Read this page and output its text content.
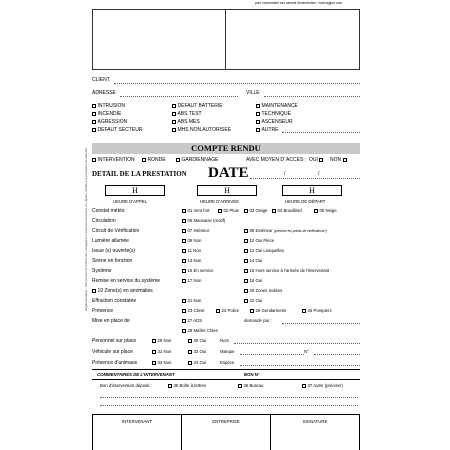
pour commander ses carnets d'intervention : www.agipre.com
Réglementation : l'intervenant et l'entreprise s'engagent à respecter les textes en vigueur relatifs à la prestation de sécurité
CLIENT
ADRESSE	VILLE
INTRUSION	DEFAUT BATTERIE	MAINTENANCE
INCENDIE	ABS TEST	TECHNIQUE
AGRESSION	ABS MES	ASCENSEUR
DEFAUT SECTEUR	MHS NON AUTORISEE	AUTRE
COMPTE RENDU
INTERVENTION	RONDE	GARDIENNAGE	AVEC MOYEN D' ACCES : OUI	NON
DETAIL DE LA PRESTATION DATE	/	/
H	H	H
HEURE D'APPEL	HEURE D'ARRIVÉE	HEURE DE DÉPART
Constat météo	01 Vent fort	02 Pluie	03 Orage	04 Brouillard	05 Neige
Circulation	06 Mauvaise (motif)
Circuit de Vérification	07 Intérieur	08 Extérieur (préciser les points de vérifications*)
Lumière allumée	09 Non	10 Oui Pièce
Issue (s) ouverte(s)	11 Non	12 Oui Lesquelles
Sirène en fonction	13 Non	14 Oui
Système	15 En service	16 Hors service à l'arrivée de l'intervenant
Remise en service du système	17 Non	18 Oui
19 Zone(s) en anomalies	20 Zones Isolées
Effraction constatée	21 Non	22 Oui
Présence	23 Client	24 Police	25 Gendarmerie	26 Pompiers
Mise en place de	27 ADS	demandé par :
28 Maître Chien
Personnel sur place	29 Non	30 Oui	Nom
Véhicule sur place	31 Non	32 Oui	Marque	N°
Présence d'animaux	33 Non	34 Oui	Espèce
COMMENTAIRES DE L'INTERVENANT	BON N°
Bon d'intervention déposé :	35 Boîte à lettres	36 Bureau	37 Autre (préciser)
INTERVENANT	ENTREPRISE	SIGNATURE
